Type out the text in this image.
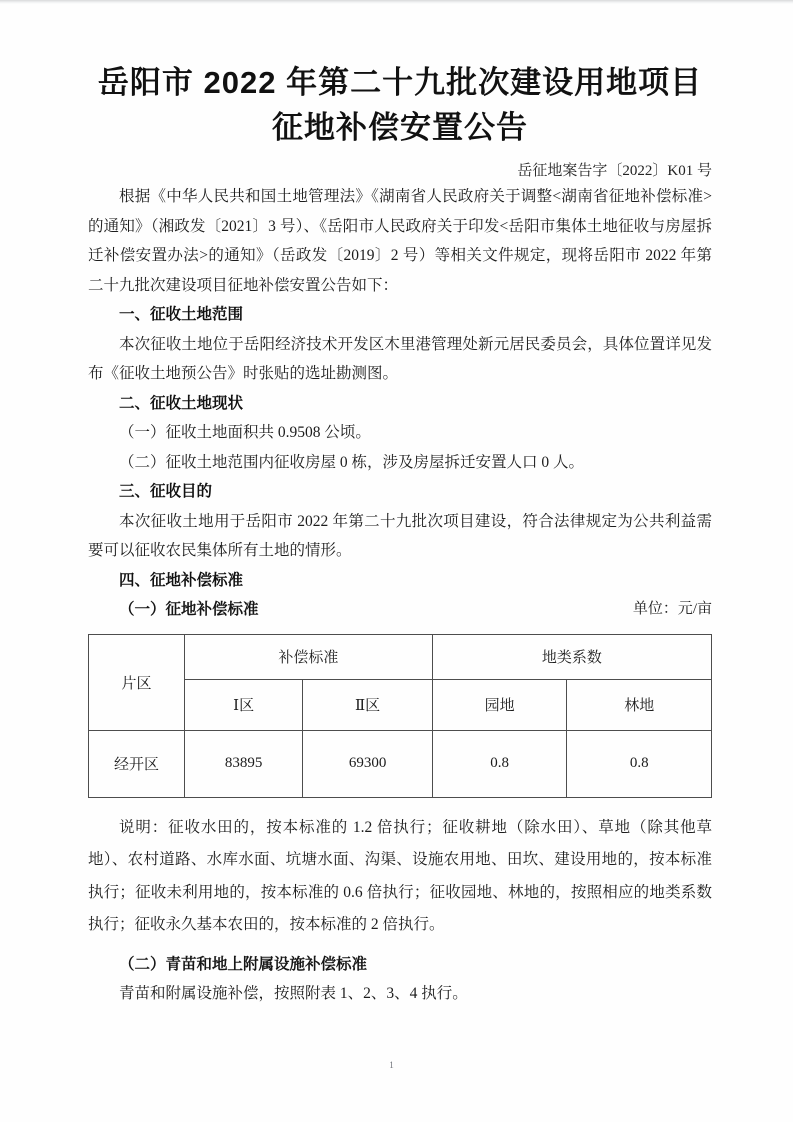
岳阳市 2022 年第二十九批次建设用地项目
征地补偿安置公告
岳征地案告字〔2022〕K01 号

根据《中华人民共和国土地管理法》《湖南省人民政府关于调整<湖南省征地补偿标准>的通知》（湘政发〔2021〕3 号）、《岳阳市人民政府关于印发<岳阳市集体土地征收与房屋拆迁补偿安置办法>的通知》（岳政发〔2019〕2 号）等相关文件规定，现将岳阳市 2022 年第二十九批次建设项目征地补偿安置公告如下：

一、征收土地范围

本次征收土地位于岳阳经济技术开发区木里港管理处新元居民委员会，具体位置详见发布《征收土地预公告》时张贴的选址勘测图。

二、征收土地现状

（一）征收土地面积共 0.9508 公顷。

（二）征收土地范围内征收房屋 0 栋，涉及房屋拆迁安置人口 0 人。

三、征收目的

本次征收土地用于岳阳市 2022 年第二十九批次项目建设，符合法律规定为公共利益需要可以征收农民集体所有土地的情形。

四、征地补偿标准
（一）征地补偿标准	单位：元/亩
片区	补偿标准		地类系数	
	Ⅰ区	Ⅱ区	园地	林地
经开区	83895	69300	0.8	0.8

说明：征收水田的，按本标准的 1.2 倍执行；征收耕地（除水田）、草地（除其他草地）、农村道路、水库水面、坑塘水面、沟渠、设施农用地、田坎、建设用地的，按本标准执行；征收未利用地的，按本标准的 0.6 倍执行；征收园地、林地的，按照相应的地类系数执行；征收永久基本农田的，按本标准的 2 倍执行。

（二）青苗和地上附属设施补偿标准

青苗和附属设施补偿，按照附表 1、2、3、4 执行。

1
